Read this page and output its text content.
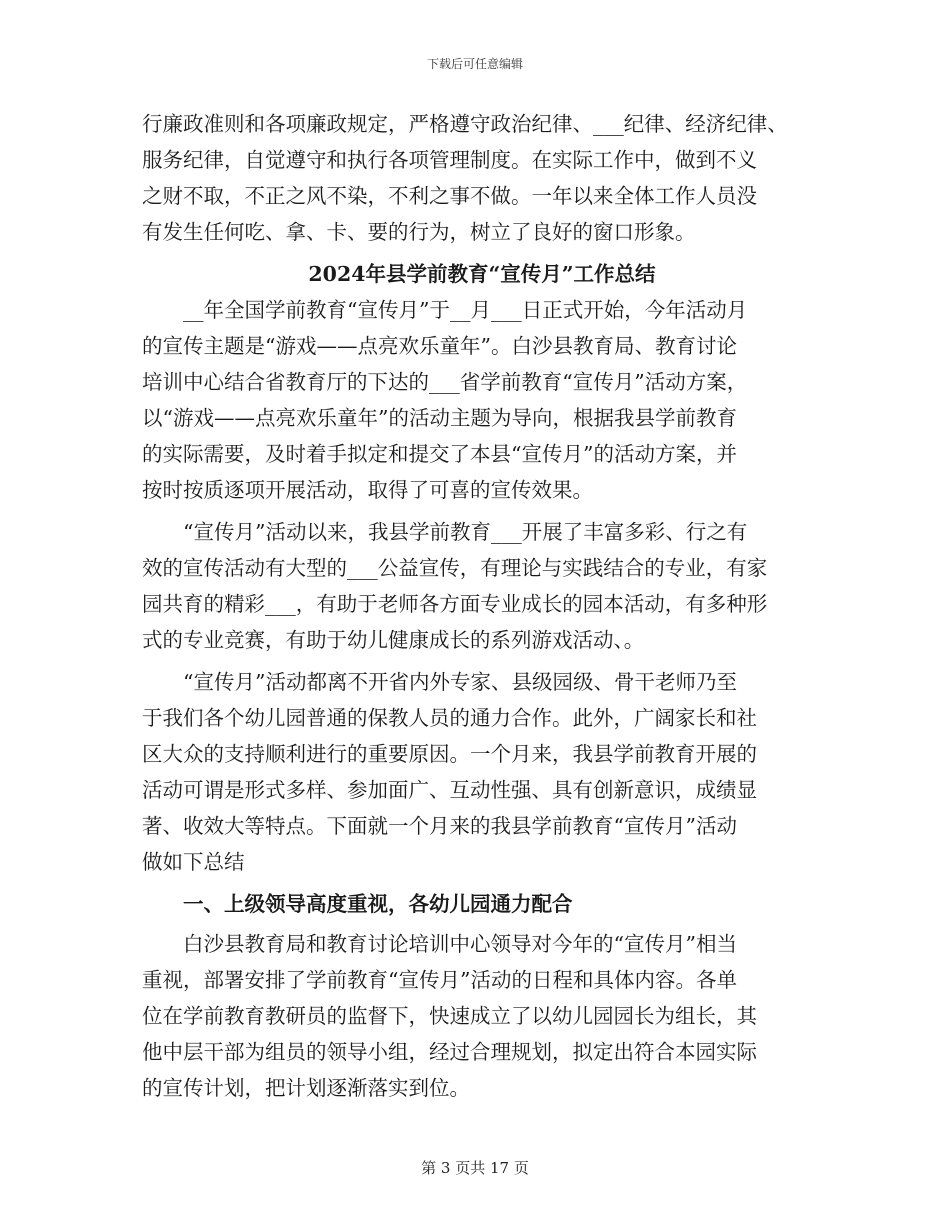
下载后可任意编辑
行廉政准则和各项廉政规定，严格遵守政治纪律、___纪律、经济纪律、
服务纪律，自觉遵守和执行各项管理制度。在实际工作中，做到不义
之财不取，不正之风不染，不利之事不做。一年以来全体工作人员没
有发生任何吃、拿、卡、要的行为，树立了良好的窗口形象。
2024年县学前教育“宣传月”工作总结
__年全国学前教育“宣传月”于__月___日正式开始，今年活动月
的宣传主题是“游戏——点亮欢乐童年”。白沙县教育局、教育讨论
培训中心结合省教育厅的下达的___省学前教育“宣传月”活动方案，
以“游戏——点亮欢乐童年”的活动主题为导向，根据我县学前教育
的实际需要，及时着手拟定和提交了本县“宣传月”的活动方案，并
按时按质逐项开展活动，取得了可喜的宣传效果。
“宣传月”活动以来，我县学前教育___开展了丰富多彩、行之有
效的宣传活动有大型的___公益宣传，有理论与实践结合的专业，有家
园共育的精彩___，有助于老师各方面专业成长的园本活动，有多种形
式的专业竞赛，有助于幼儿健康成长的系列游戏活动、。
“宣传月”活动都离不开省内外专家、县级园级、骨干老师乃至
于我们各个幼儿园普通的保教人员的通力合作。此外，广阔家长和社
区大众的支持顺利进行的重要原因。一个月来，我县学前教育开展的
活动可谓是形式多样、参加面广、互动性强、具有创新意识，成绩显
著、收效大等特点。下面就一个月来的我县学前教育“宣传月”活动
做如下总结
一、上级领导高度重视，各幼儿园通力配合
白沙县教育局和教育讨论培训中心领导对今年的“宣传月”相当
重视，部署安排了学前教育“宣传月”活动的日程和具体内容。各单
位在学前教育教研员的监督下，快速成立了以幼儿园园长为组长，其
他中层干部为组员的领导小组，经过合理规划，拟定出符合本园实际
的宣传计划，把计划逐渐落实到位。
第 3 页共 17 页
